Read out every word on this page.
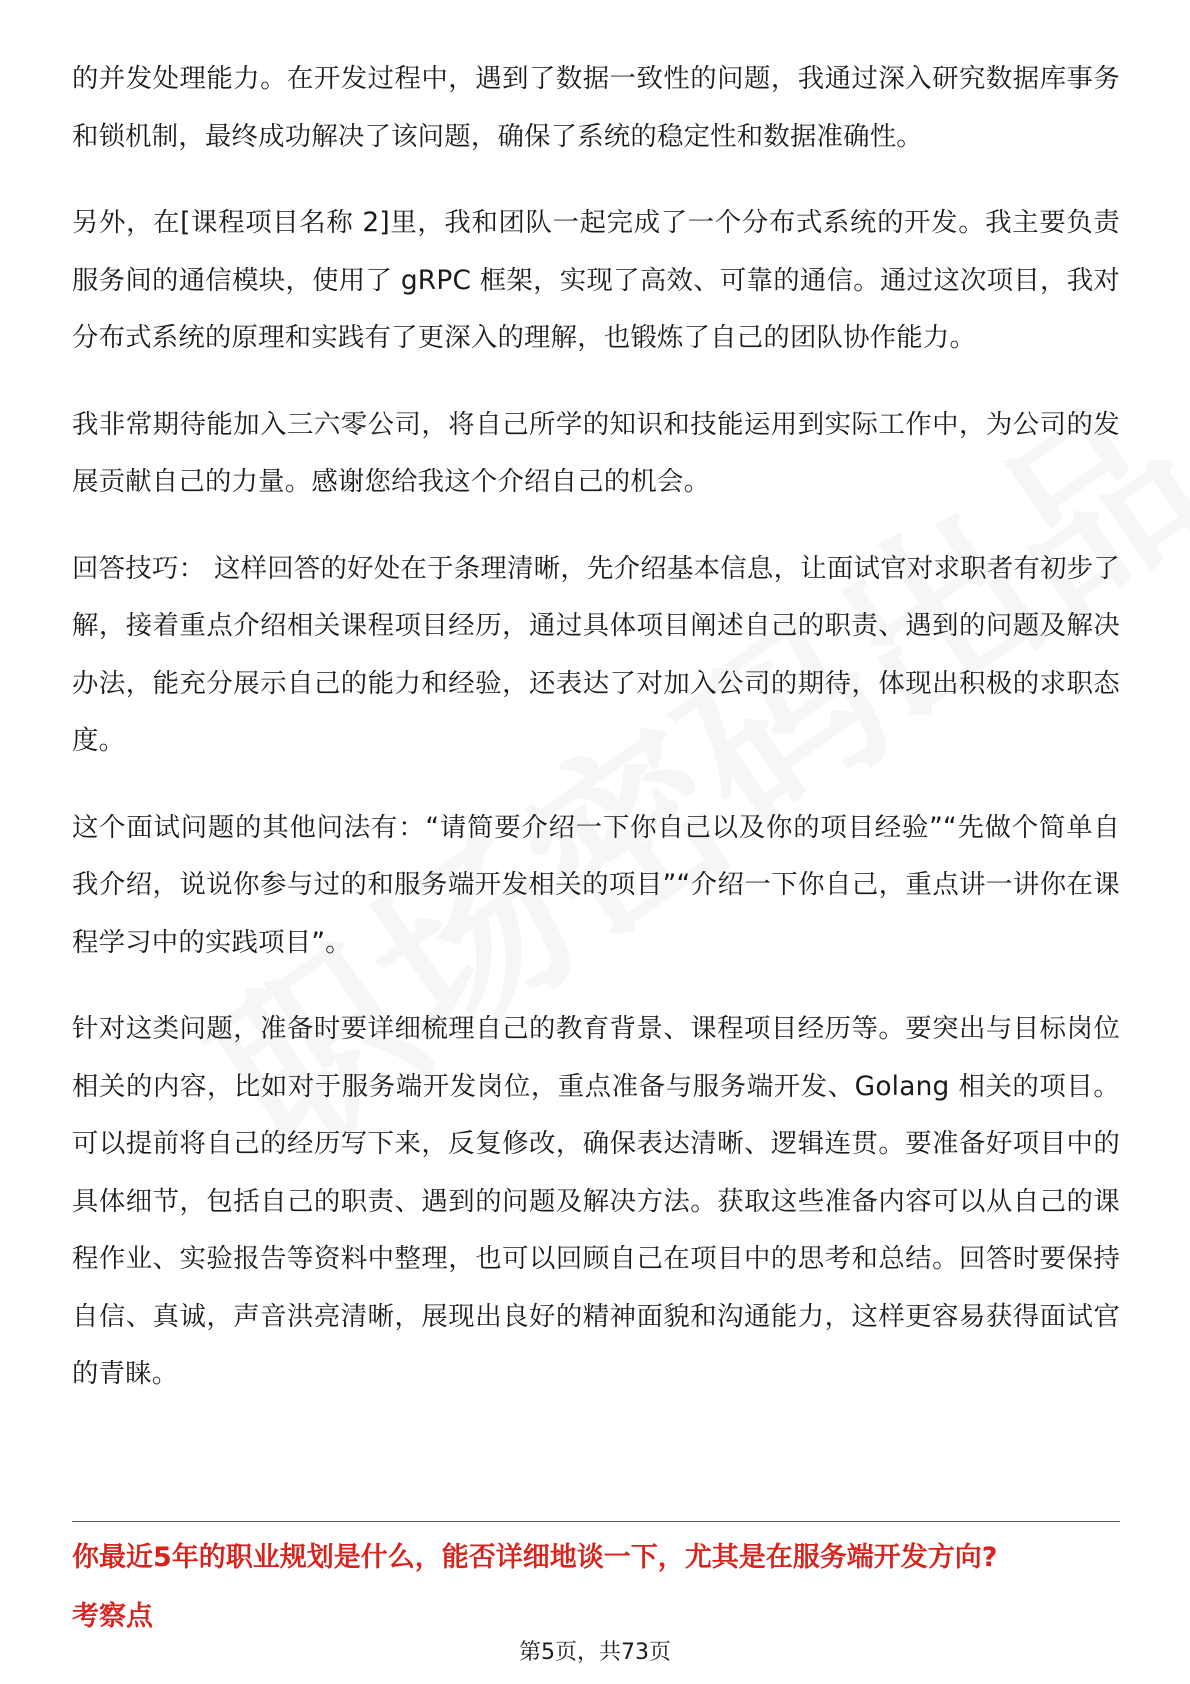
的并发处理能力。在开发过程中，遇到了数据一致性的问题，我通过深入研究数据库事务和锁机制，最终成功解决了该问题，确保了系统的稳定性和数据准确性。

另外，在[课程项目名称 2]里，我和团队一起完成了一个分布式系统的开发。我主要负责服务间的通信模块，使用了 gRPC 框架，实现了高效、可靠的通信。通过这次项目，我对分布式系统的原理和实践有了更深入的理解，也锻炼了自己的团队协作能力。

我非常期待能加入三六零公司，将自己所学的知识和技能运用到实际工作中，为公司的发展贡献自己的力量。感谢您给我这个介绍自己的机会。

回答技巧： 这样回答的好处在于条理清晰，先介绍基本信息，让面试官对求职者有初步了解，接着重点介绍相关课程项目经历，通过具体项目阐述自己的职责、遇到的问题及解决办法，能充分展示自己的能力和经验，还表达了对加入公司的期待，体现出积极的求职态度。

这个面试问题的其他问法有：“请简要介绍一下你自己以及你的项目经验”“先做个简单自我介绍，说说你参与过的和服务端开发相关的项目”“介绍一下你自己，重点讲一讲你在课程学习中的实践项目”。

针对这类问题，准备时要详细梳理自己的教育背景、课程项目经历等。要突出与目标岗位相关的内容，比如对于服务端开发岗位，重点准备与服务端开发、Golang 相关的项目。可以提前将自己的经历写下来，反复修改，确保表达清晰、逻辑连贯。要准备好项目中的具体细节，包括自己的职责、遇到的问题及解决方法。获取这些准备内容可以从自己的课程作业、实验报告等资料中整理，也可以回顾自己在项目中的思考和总结。回答时要保持自信、真诚，声音洪亮清晰，展现出良好的精神面貌和沟通能力，这样更容易获得面试官的青睐。

你最近5年的职业规划是什么，能否详细地谈一下，尤其是在服务端开发方向?
考察点
第5页，共73页
